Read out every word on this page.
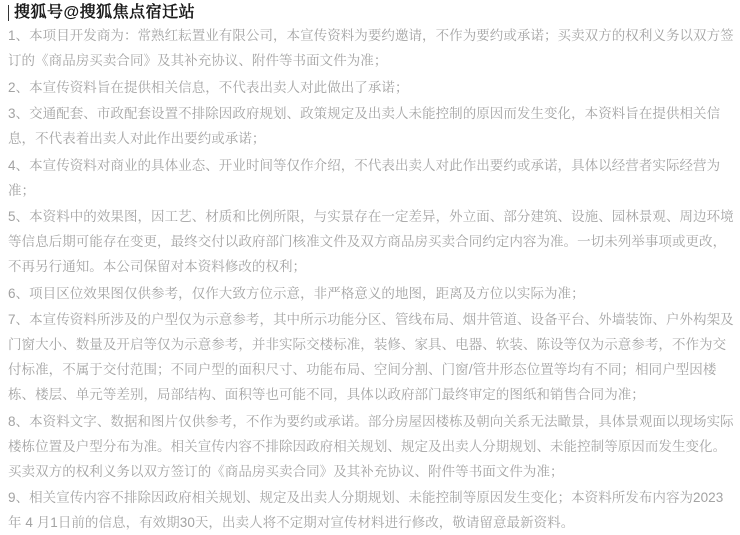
搜狐号@搜狐焦点宿迁站

1、本项目开发商为：常熟红耘置业有限公司，本宣传资料为要约邀请，不作为要约或承诺；买卖双方的权利义务以双方签订的《商品房买卖合同》及其补充协议、附件等书面文件为准；

2、本宣传资料旨在提供相关信息，不代表出卖人对此做出了承诺；

3、交通配套、市政配套设置不排除因政府规划、政策规定及出卖人未能控制的原因而发生变化，本资料旨在提供相关信息，不代表着出卖人对此作出要约或承诺；

4、本宣传资料对商业的具体业态、开业时间等仅作介绍，不代表出卖人对此作出要约或承诺，具体以经营者实际经营为准；

5、本资料中的效果图，因工艺、材质和比例所限，与实景存在一定差异，外立面、部分建筑、设施、园林景观、周边环境等信息后期可能存在变更，最终交付以政府部门核准文件及双方商品房买卖合同约定内容为准。一切未列举事项或更改，不再另行通知。本公司保留对本资料修改的权利；

6、项目区位效果图仅供参考，仅作大致方位示意，非严格意义的地图，距离及方位以实际为准；

7、本宣传资料所涉及的户型仅为示意参考，其中所示功能分区、管线布局、烟井管道、设备平台、外墙装饰、户外构架及门窗大小、数量及开启等仅为示意参考，并非实际交楼标准，装修、家具、电器、软装、陈设等仅为示意参考，不作为交付标准，不属于交付范围；不同户型的面积尺寸、功能布局、空间分割、门窗/管井形态位置等均有不同；相同户型因楼栋、楼层、单元等差别，局部结构、面积等也可能不同，具体以政府部门最终审定的图纸和销售合同为准；

8、本资料文字、数据和图片仅供参考，不作为要约或承诺。部分房屋因楼栋及朝向关系无法瞰景，具体景观面以现场实际楼栋位置及户型分布为准。相关宣传内容不排除因政府相关规划、规定及出卖人分期规划、未能控制等原因而发生变化。买卖双方的权利义务以双方签订的《商品房买卖合同》及其补充协议、附件等书面文件为准；

9、相关宣传内容不排除因政府相关规划、规定及出卖人分期规划、未能控制等原因发生变化；本资料所发布内容为2023年 4 月1日前的信息，有效期30天，出卖人将不定期对宣传材料进行修改，敬请留意最新资料。
